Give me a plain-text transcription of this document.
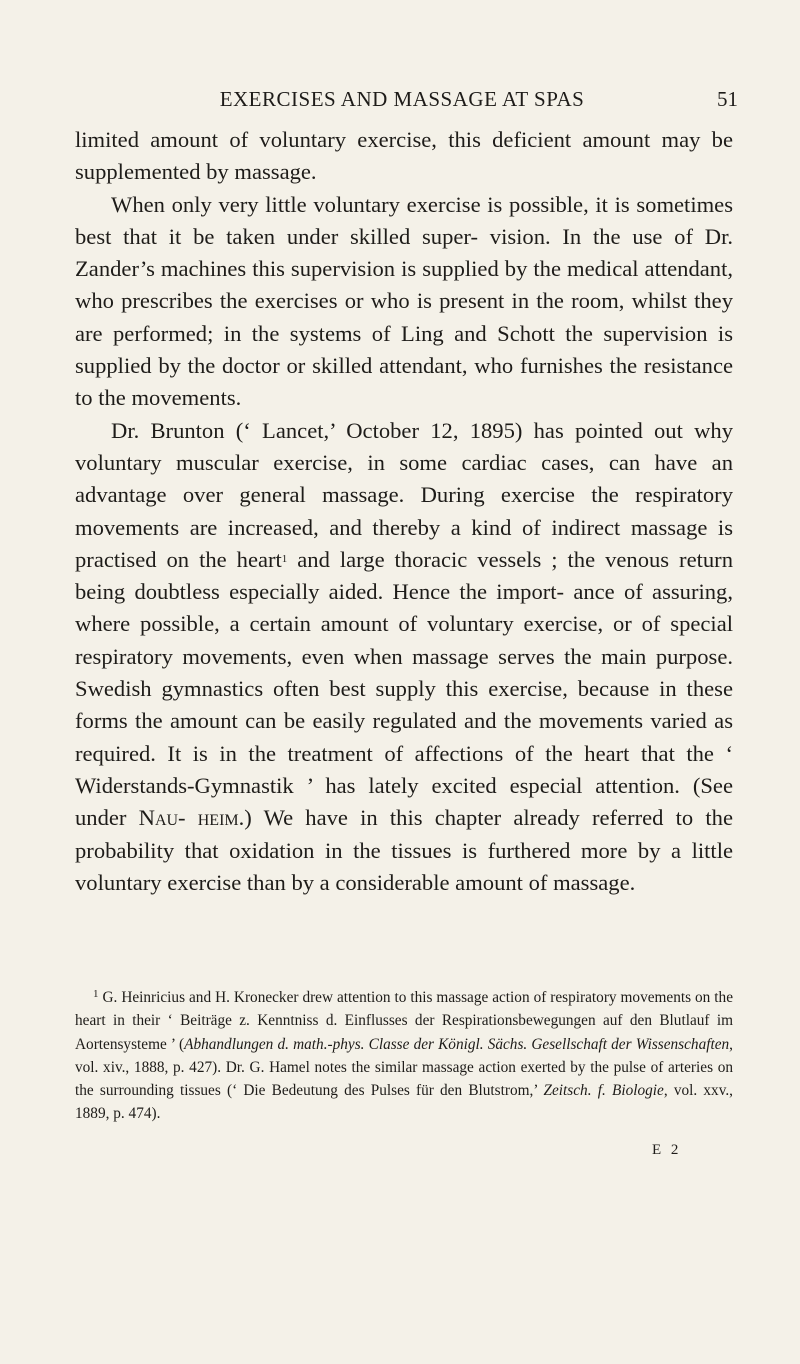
EXERCISES AND MASSAGE AT SPAS	51

limited amount of voluntary exercise, this deficient amount may be supplemented by massage.

When only very little voluntary exercise is possible, it is sometimes best that it be taken under skilled super- vision. In the use of Dr. Zander’s machines this supervision is supplied by the medical attendant, who prescribes the exercises or who is present in the room, whilst they are performed; in the systems of Ling and Schott the supervision is supplied by the doctor or skilled attendant, who furnishes the resistance to the movements.

Dr. Brunton (‘ Lancet,’ October 12, 1895) has pointed out why voluntary muscular exercise, in some cardiac cases, can have an advantage over general massage. During exercise the respiratory movements are increased, and thereby a kind of indirect massage is practised on the heart$^1$ and large thoracic vessels ; the venous return being doubtless especially aided. Hence the import- ance of assuring, where possible, a certain amount of voluntary exercise, or of special respiratory movements, even when massage serves the main purpose. Swedish gymnastics often best supply this exercise, because in these forms the amount can be easily regulated and the movements varied as required. It is in the treatment of affections of the heart that the ‘ Widerstands-Gymnastik ’ has lately excited especial attention. (See under Nau- heim.) We have in this chapter already referred to the probability that oxidation in the tissues is furthered more by a little voluntary exercise than by a considerable amount of massage.

$^1$ G. Heinricius and H. Kronecker drew attention to this massage action of respiratory movements on the heart in their ‘ Beiträge z. Kenntniss d. Einflusses der Respirationsbewegungen auf den Blutlauf im Aortensysteme ’ (Abhandlungen d. math.-phys. Classe der Königl. Sächs. Gesellschaft der Wissenschaften, vol. xiv., 1888, p. 427). Dr. G. Hamel notes the similar massage action exerted by the pulse of arteries on the surrounding tissues (‘ Die Bedeutung des Pulses für den Blutstrom,’ Zeitsch. f. Biologie, vol. xxv., 1889, p. 474).

E 2
